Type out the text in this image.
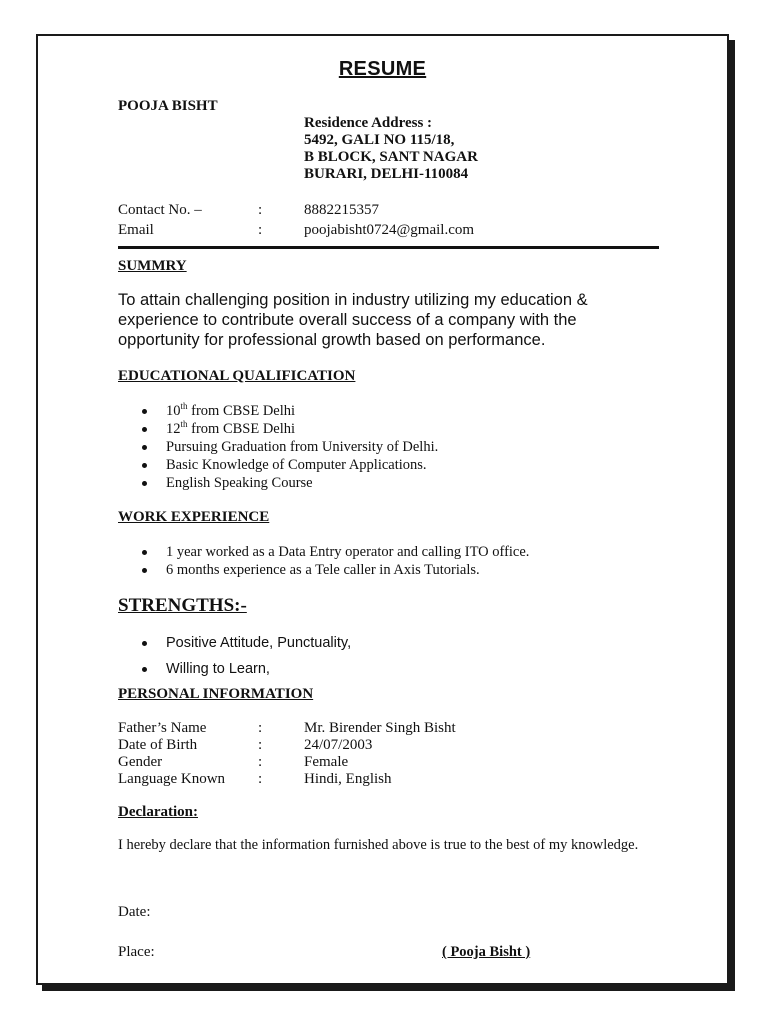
RESUME
POOJA BISHT
Residence Address :
5492, GALI NO 115/18,
B BLOCK, SANT NAGAR
BURARI, DELHI-110084
Contact No. –	:	8882215357
Email	:	poojabisht0724@gmail.com
SUMMRY
To attain challenging position in industry utilizing my education &
experience to contribute overall success of a company with the
opportunity for professional growth based on performance.
EDUCATIONAL QUALIFICATION
10th from CBSE Delhi
12th from CBSE Delhi
Pursuing Graduation from University of Delhi.
Basic Knowledge of Computer Applications.
English Speaking Course
WORK EXPERIENCE
1 year worked as a Data Entry operator and calling ITO office.
6 months experience as a Tele caller in Axis Tutorials.
STRENGTHS:-
Positive Attitude, Punctuality,
Willing to Learn,
PERSONAL INFORMATION
Father’s Name	:	Mr. Birender Singh Bisht
Date of Birth	:	24/07/2003
Gender	:	Female
Language Known :	Hindi, English
Declaration:
I hereby declare that the information furnished above is true to the best of my knowledge.
Date:
Place:	( Pooja Bisht )
